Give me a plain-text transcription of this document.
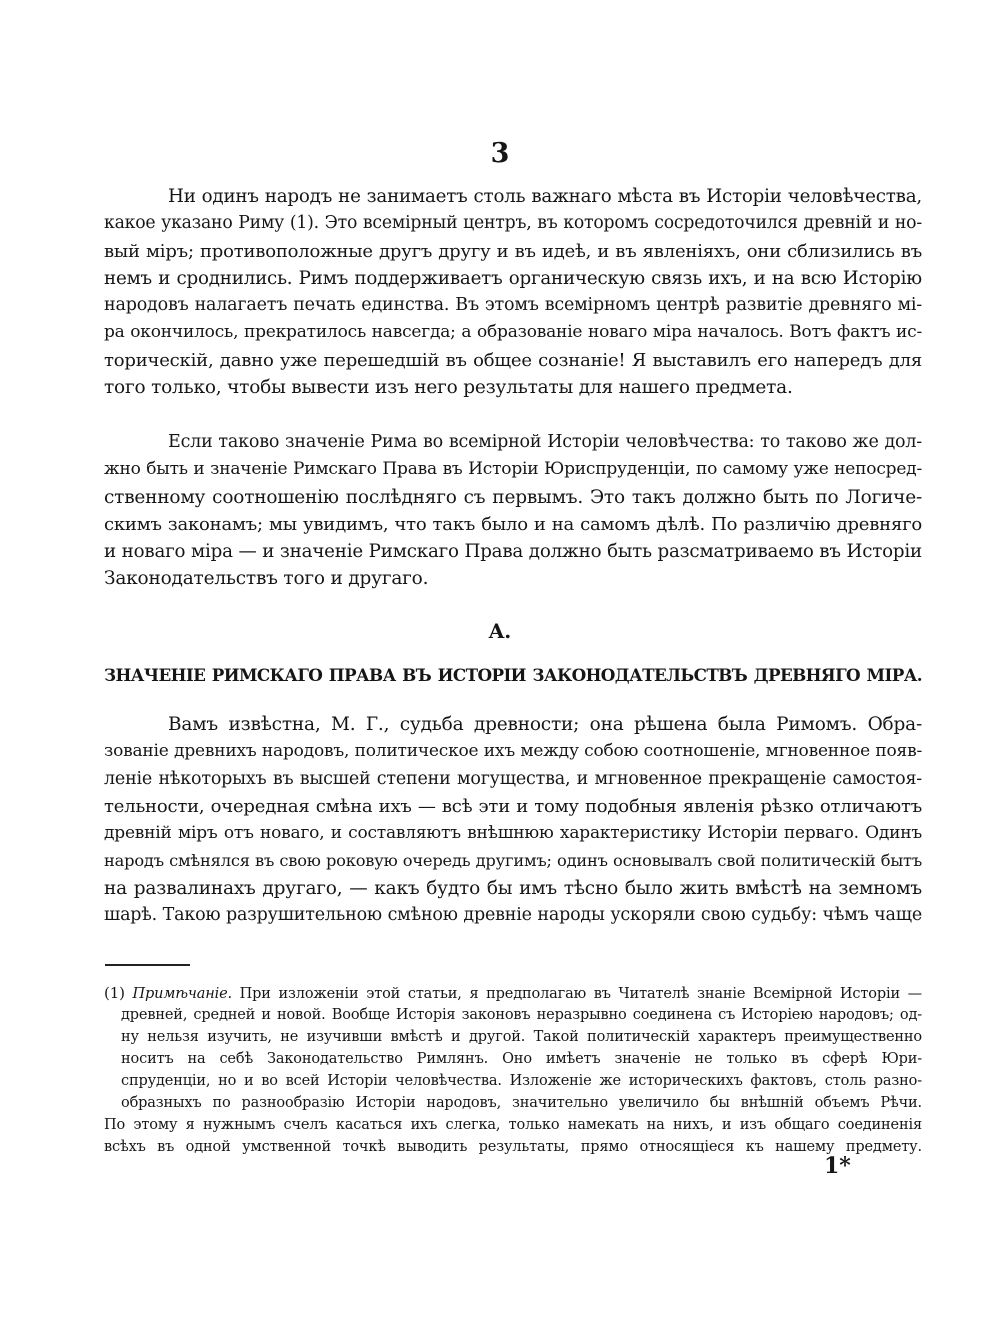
3
Ни одинъ народъ не занимаетъ столь важнаго мѣста въ Исторіи человѣчества,
какое указано Риму (1). Это всемірный центръ, въ которомъ сосредоточился древній и но-
вый міръ; противоположные другъ другу и въ идеѣ, и въ явленіяхъ, они сблизились въ
немъ и сроднились. Римъ поддерживаетъ органическую связь ихъ, и на всю Исторію
народовъ налагаетъ печать единства. Въ этомъ всемірномъ центрѣ развитіе древняго мі-
ра окончилось, прекратилось навсегда; а образованіе новаго міра началось. Вотъ фактъ ис-
торическій, давно уже перешедшій въ общее сознаніе! Я выставилъ его напередъ для
того только, чтобы вывести изъ него результаты для нашего предмета.
Если таково значеніе Рима во всемірной Исторіи человѣчества: то таково же дол-
жно быть и значеніе Римскаго Права въ Исторіи Юриспруденціи, по самому уже непосред-
ственному соотношенію послѣдняго съ первымъ. Это такъ должно быть по Логиче-
скимъ законамъ; мы увидимъ, что такъ было и на самомъ дѣлѣ. По различію древняго
и новаго міра — и значеніе Римскаго Права должно быть разсматриваемо въ Исторіи
Законодательствъ того и другаго.
A.
ЗНАЧЕНІЕ РИМСКАГО ПРАВА ВЪ ИСТОРІИ ЗАКОНОДАТЕЛЬСТВЪ ДРЕВНЯГО МІРА.
Вамъ извѣстна, М. Г., судьба древности; она рѣшена была Римомъ. Обра-
зованіе древнихъ народовъ, политическое ихъ между собою соотношеніе, мгновенное появ-
леніе нѣкоторыхъ въ высшей степени могущества, и мгновенное прекращеніе самостоя-
тельности, очередная смѣна ихъ — всѣ эти и тому подобныя явленія рѣзко отличаютъ
древній міръ отъ новаго, и составляютъ внѣшнюю характеристику Исторіи перваго. Одинъ
народъ смѣнялся въ свою роковую очередь другимъ; одинъ основывалъ свой политическій бытъ
на развалинахъ другаго, — какъ будто бы имъ тѣсно было жить вмѣстѣ на земномъ
шарѣ. Такою разрушительною смѣною древніе народы ускоряли свою судьбу: чѣмъ чаще
(1) Примѣчаніе. При изложеніи этой статьи, я предполагаю въ Читателѣ знаніе Всемірной Исторіи —
древней, средней и новой. Вообще Исторія законовъ неразрывно соединена съ Исторіею народовъ; од-
ну нельзя изучить, не изучивши вмѣстѣ и другой. Такой политическій характеръ преимущественно
носитъ на себѣ Законодательство Римлянъ. Оно имѣетъ значеніе не только въ сферѣ Юри-
спруденціи, но и во всей Исторіи человѣчества. Изложеніе же историческихъ фактовъ, столь разно-
образныхъ по разнообразію Исторіи народовъ, значительно увеличило бы внѣшній объемъ Рѣчи.
По этому я нужнымъ счелъ касаться ихъ слегка, только намекать на нихъ, и изъ общаго соединенія
всѣхъ въ одной умственной точкѣ выводить результаты, прямо относящіеся къ нашему предмету.
1*
